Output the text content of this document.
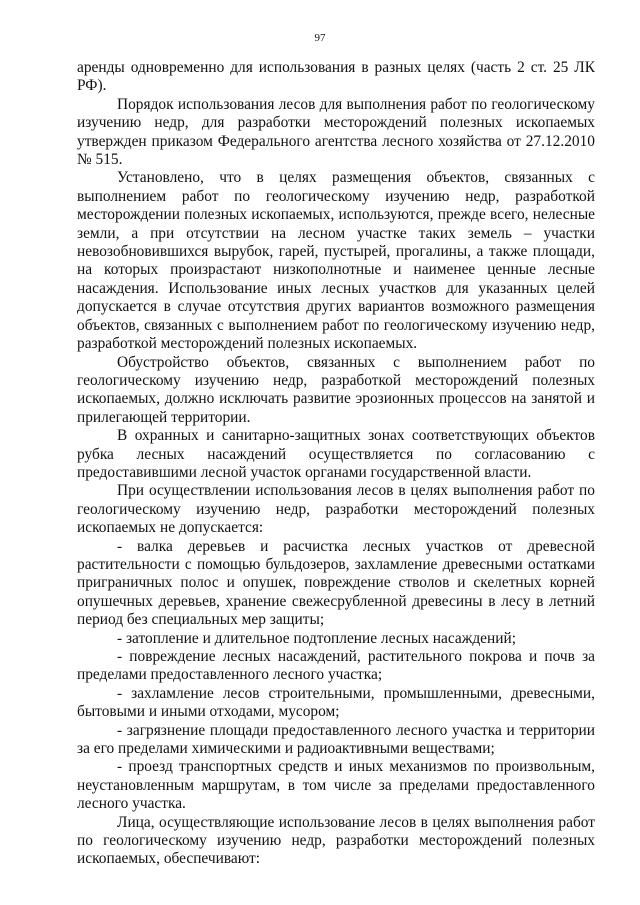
97

аренды одновременно для использования в разных целях (часть 2 ст. 25 ЛК РФ).

Порядок использования лесов для выполнения работ по геологическому изучению недр, для разработки месторождений полезных ископаемых утвержден приказом Федерального агентства лесного хозяйства от 27.12.2010 № 515.

Установлено, что в целях размещения объектов, связанных с выполнением работ по геологическому изучению недр, разработкой месторождении полезных ископаемых, используются, прежде всего, нелесные земли, а при отсутствии на лесном участке таких земель – участки невозобновившихся вырубок, гарей, пустырей, прогалины, а также площади, на которых произрастают низкополнотные и наименее ценные лесные насаждения. Использование иных лесных участков для указанных целей допускается в случае отсутствия других вариантов возможного размещения объектов, связанных с выполнением работ по геологическому изучению недр, разработкой месторождений полезных ископаемых.

Обустройство объектов, связанных с выполнением работ по геологическому изучению недр, разработкой месторождений полезных ископаемых, должно исключать развитие эрозионных процессов на занятой и прилегающей территории.

В охранных и санитарно-защитных зонах соответствующих объектов рубка лесных насаждений осуществляется по согласованию с предоставившими лесной участок органами государственной власти.

При осуществлении использования лесов в целях выполнения работ по геологическому изучению недр, разработки месторождений полезных ископаемых не допускается:

- валка деревьев и расчистка лесных участков от древесной растительности с помощью бульдозеров, захламление древесными остатками приграничных полос и опушек, повреждение стволов и скелетных корней опушечных деревьев, хранение свежесрубленной древесины в лесу в летний период без специальных мер защиты;

- затопление и длительное подтопление лесных насаждений;

- повреждение лесных насаждений, растительного покрова и почв за пределами предоставленного лесного участка;

- захламление лесов строительными, промышленными, древесными, бытовыми и иными отходами, мусором;

- загрязнение площади предоставленного лесного участка и территории за его пределами химическими и радиоактивными веществами;

- проезд транспортных средств и иных механизмов по произвольным, неустановленным маршрутам, в том числе за пределами предоставленного лесного участка.

Лица, осуществляющие использование лесов в целях выполнения работ по геологическому изучению недр, разработки месторождений полезных ископаемых, обеспечивают:
